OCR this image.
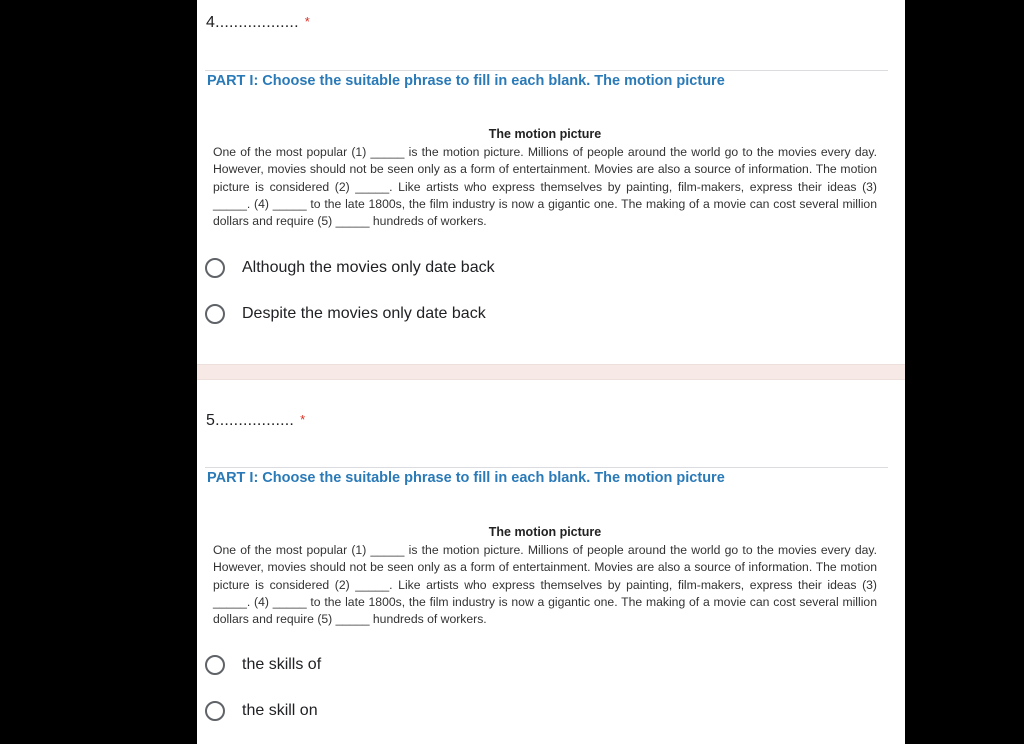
4.................. *
PART I: Choose the suitable phrase to fill in each blank. The motion picture
The motion picture
One of the most popular (1) _____ is the motion picture. Millions of people around the world go to the movies every day. However, movies should not be seen only as a form of entertainment. Movies are also a source of information. The motion picture is considered (2) _____. Like artists who express themselves by painting, film-makers, express their ideas (3) _____. (4) _____ to the late 1800s, the film industry is now a gigantic one. The making of a movie can cost several million dollars and require (5) _____ hundreds of workers.
Although the movies only date back
Despite the movies only date back
5................. *
PART I: Choose the suitable phrase to fill in each blank. The motion picture
The motion picture
One of the most popular (1) _____ is the motion picture. Millions of people around the world go to the movies every day. However, movies should not be seen only as a form of entertainment. Movies are also a source of information. The motion picture is considered (2) _____. Like artists who express themselves by painting, film-makers, express their ideas (3) _____. (4) _____ to the late 1800s, the film industry is now a gigantic one. The making of a movie can cost several million dollars and require (5) _____ hundreds of workers.
the skills of
the skill on
